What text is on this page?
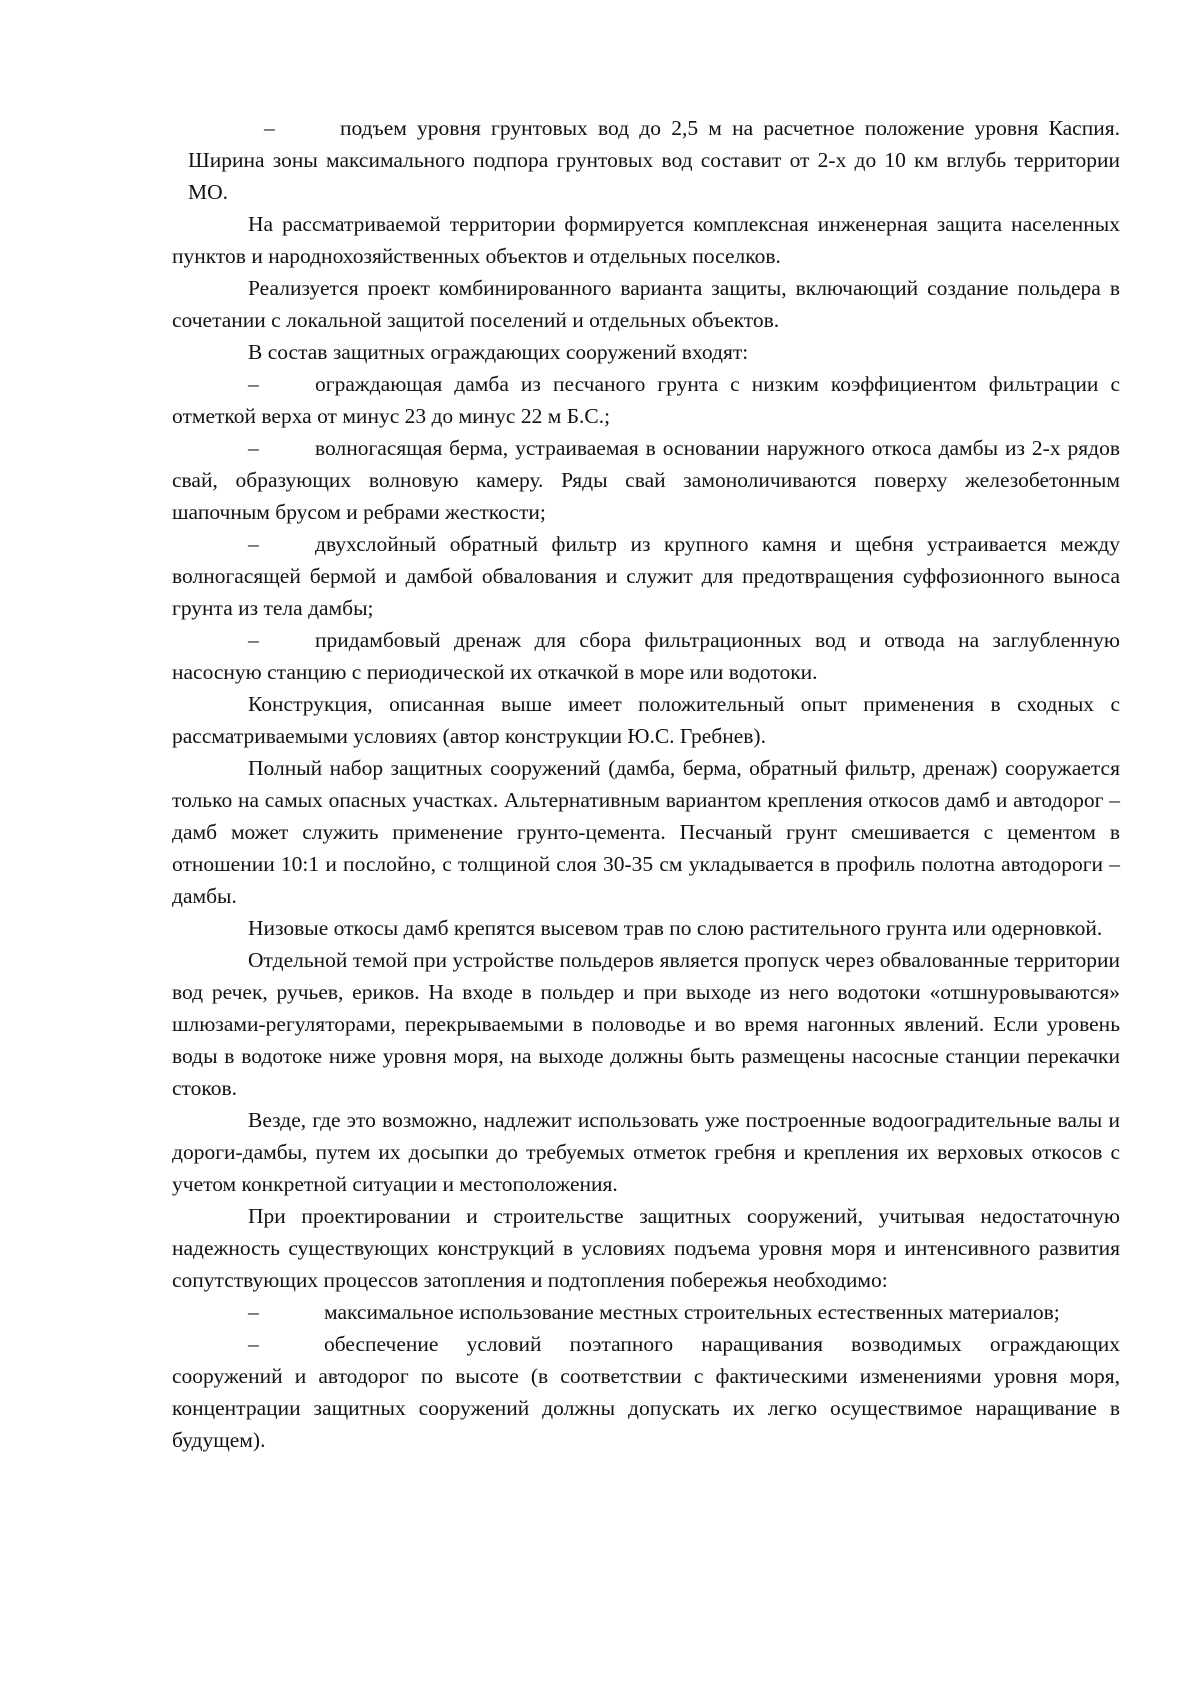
–	подъем уровня грунтовых вод до 2,5 м на расчетное положение уровня Каспия. Ширина зоны максимального подпора грунтовых вод составит от 2-х до 10 км вглубь территории МО.

На рассматриваемой территории формируется комплексная инженерная защита населенных пунктов и народнохозяйственных объектов и отдельных поселков.

Реализуется проект комбинированного варианта защиты, включающий создание польдера в сочетании с локальной защитой поселений и отдельных объектов.

В состав защитных ограждающих сооружений входят:

–	ограждающая дамба из песчаного грунта с низким коэффициентом фильтрации с отметкой верха от минус 23 до минус 22 м Б.С.;

–	волногасящая берма, устраиваемая в основании наружного откоса дамбы из 2-х рядов свай, образующих волновую камеру. Ряды свай замоноличиваются поверху железобетонным шапочным брусом и ребрами жесткости;

–	двухслойный обратный фильтр из крупного камня и щебня устраивается между волногасящей бермой и дамбой обвалования и служит для предотвращения суффозионного выноса грунта из тела дамбы;

–	придамбовый дренаж для сбора фильтрационных вод и отвода на заглубленную насосную станцию с периодической их откачкой в море или водотоки.

Конструкция, описанная выше имеет положительный опыт применения в сходных с рассматриваемыми условиях (автор конструкции Ю.С. Гребнев).

Полный набор защитных сооружений (дамба, берма, обратный фильтр, дренаж) сооружается только на самых опасных участках. Альтернативным вариантом крепления откосов дамб и автодорог – дамб может служить применение грунто-цемента. Песчаный грунт смешивается с цементом в отношении 10:1 и послойно, с толщиной слоя 30-35 см укладывается в профиль полотна автодороги – дамбы.

Низовые откосы дамб крепятся высевом трав по слою растительного грунта или одерновкой.

Отдельной темой при устройстве польдеров является пропуск через обвалованные территории вод речек, ручьев, ериков. На входе в польдер и при выходе из него водотоки «отшнуровываются» шлюзами-регуляторами, перекрываемыми в половодье и во время нагонных явлений. Если уровень воды в водотоке ниже уровня моря, на выходе должны быть размещены насосные станции перекачки стоков.

Везде, где это возможно, надлежит использовать уже построенные водооградительные валы и дороги-дамбы, путем их досыпки до требуемых отметок гребня и крепления их верховых откосов с учетом конкретной ситуации и местоположения.

При проектировании и строительстве защитных сооружений, учитывая недостаточную надежность существующих конструкций в условиях подъема уровня моря и интенсивного развития сопутствующих процессов затопления и подтопления побережья необходимо:

–	максимальное использование местных строительных естественных материалов;

–	обеспечение условий поэтапного наращивания возводимых ограждающих сооружений и автодорог по высоте (в соответствии с фактическими изменениями уровня моря, концентрации защитных сооружений должны допускать их легко осуществимое наращивание в будущем).
